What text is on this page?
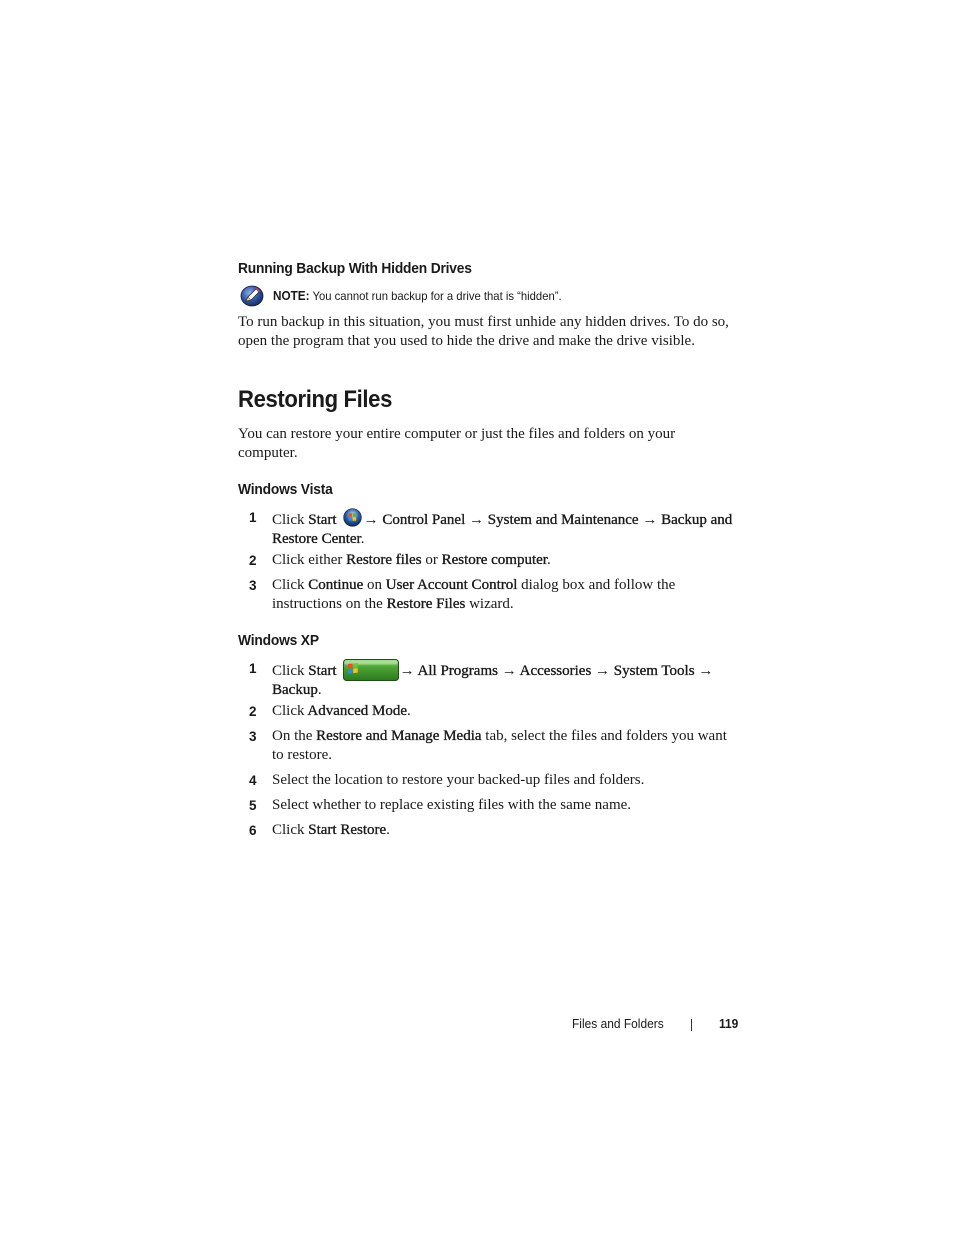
Running Backup With Hidden Drives
NOTE: You cannot run backup for a drive that is “hidden”.
To run backup in this situation, you must first unhide any hidden drives. To do so, open the program that you used to hide the drive and make the drive visible.
Restoring Files
You can restore your entire computer or just the files and folders on your computer.
Windows Vista
1 Click Start → Control Panel → System and Maintenance → Backup and Restore Center.
2 Click either Restore files or Restore computer.
3 Click Continue on User Account Control dialog box and follow the instructions on the Restore Files wizard.
Windows XP
1 Click Start	→ All Programs → Accessories → System Tools → Backup.
2 Click Advanced Mode.
3 On the Restore and Manage Media tab, select the files and folders you want to restore.
4 Select the location to restore your backed-up files and folders.
5 Select whether to replace existing files with the same name.
6 Click Start Restore.
Files and Folders	119
